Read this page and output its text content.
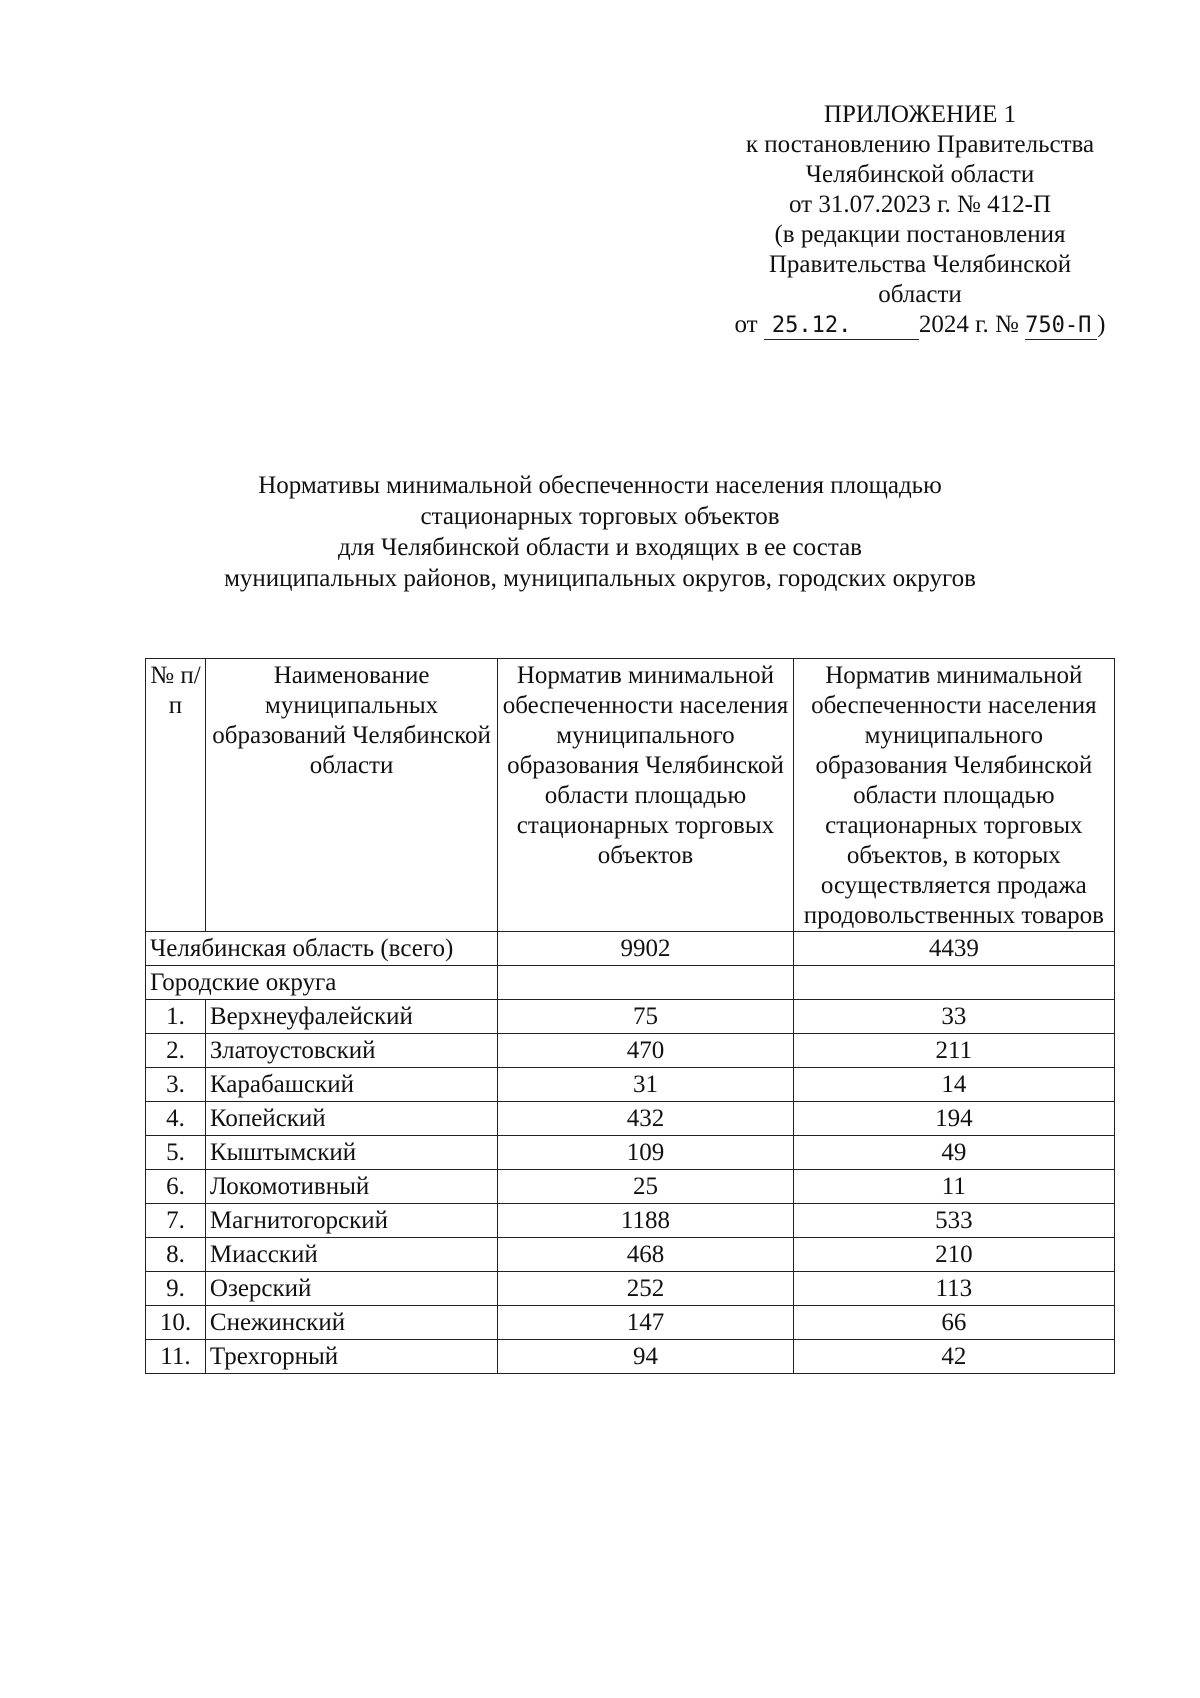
ПРИЛОЖЕНИЕ 1
к постановлению Правительства
Челябинской области
от 31.07.2023 г. № 412-П
(в редакции постановления
Правительства Челябинской
области
от 25.12.	2024 г. № 750-П )
Нормативы минимальной обеспеченности населения площадью
стационарных торговых объектов
для Челябинской области и входящих в ее состав
муниципальных районов, муниципальных округов, городских округов
№ п/п	Наименование муниципальных образований Челябинской области	Норматив минимальной обеспеченности населения муниципального образования Челябинской области площадью стационарных торговых объектов	Норматив минимальной обеспеченности населения муниципального образования Челябинской области площадью стационарных торговых объектов, в которых осуществляется продажа продовольственных товаров
Челябинская область (всего)		9902	4439
Городские округа			
1.	Верхнеуфалейский	75	33
2.	Златоустовский	470	211
3.	Карабашский	31	14
4.	Копейский	432	194
5.	Кыштымский	109	49
6.	Локомотивный	25	11
7.	Магнитогорский	1188	533
8.	Миасский	468	210
9.	Озерский	252	113
10.	Снежинский	147	66
11.	Трехгорный	94	42
